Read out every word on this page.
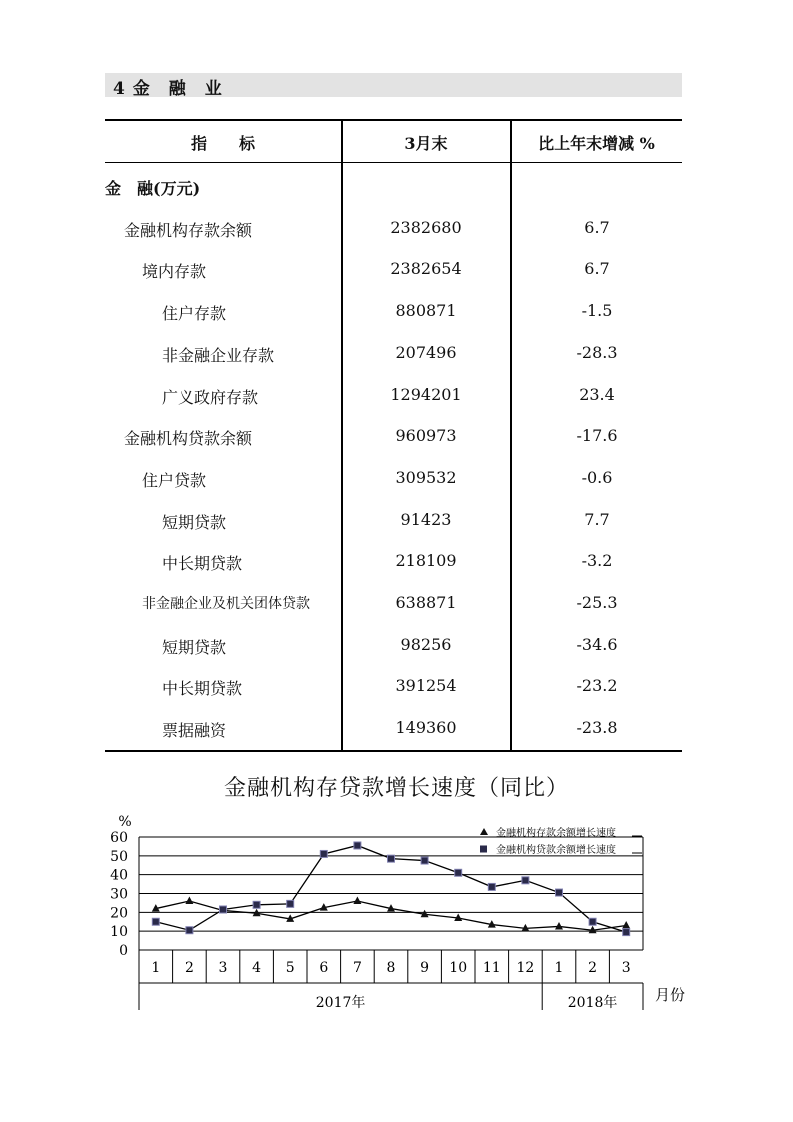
4 金　融　业
指　　标	3月末	比上年末增减 %
金　融(万元)
金融机构存款余额	2382680	6.7
境内存款	2382654	6.7
住户存款	880871	-1.5
非金融企业存款	207496	-28.3
广义政府存款	1294201	23.4
金融机构贷款余额	960973	-17.6
住户贷款	309532	-0.6
短期贷款	91423	7.7
中长期贷款	218109	-3.2
非金融企业及机关团体贷款	638871	-25.3
短期贷款	98256	-34.6
中长期贷款	391254	-23.2
票据融资	149360	-23.8
金融机构存贷款增长速度（同比）
0
10
20
30
40
50
60
%
1 2 3 4 5 6 7 8 9 10 11 12 1 2 3
2017年	2018年	月份
金融机构存款余额增长速度
金融机构贷款余额增长速度
